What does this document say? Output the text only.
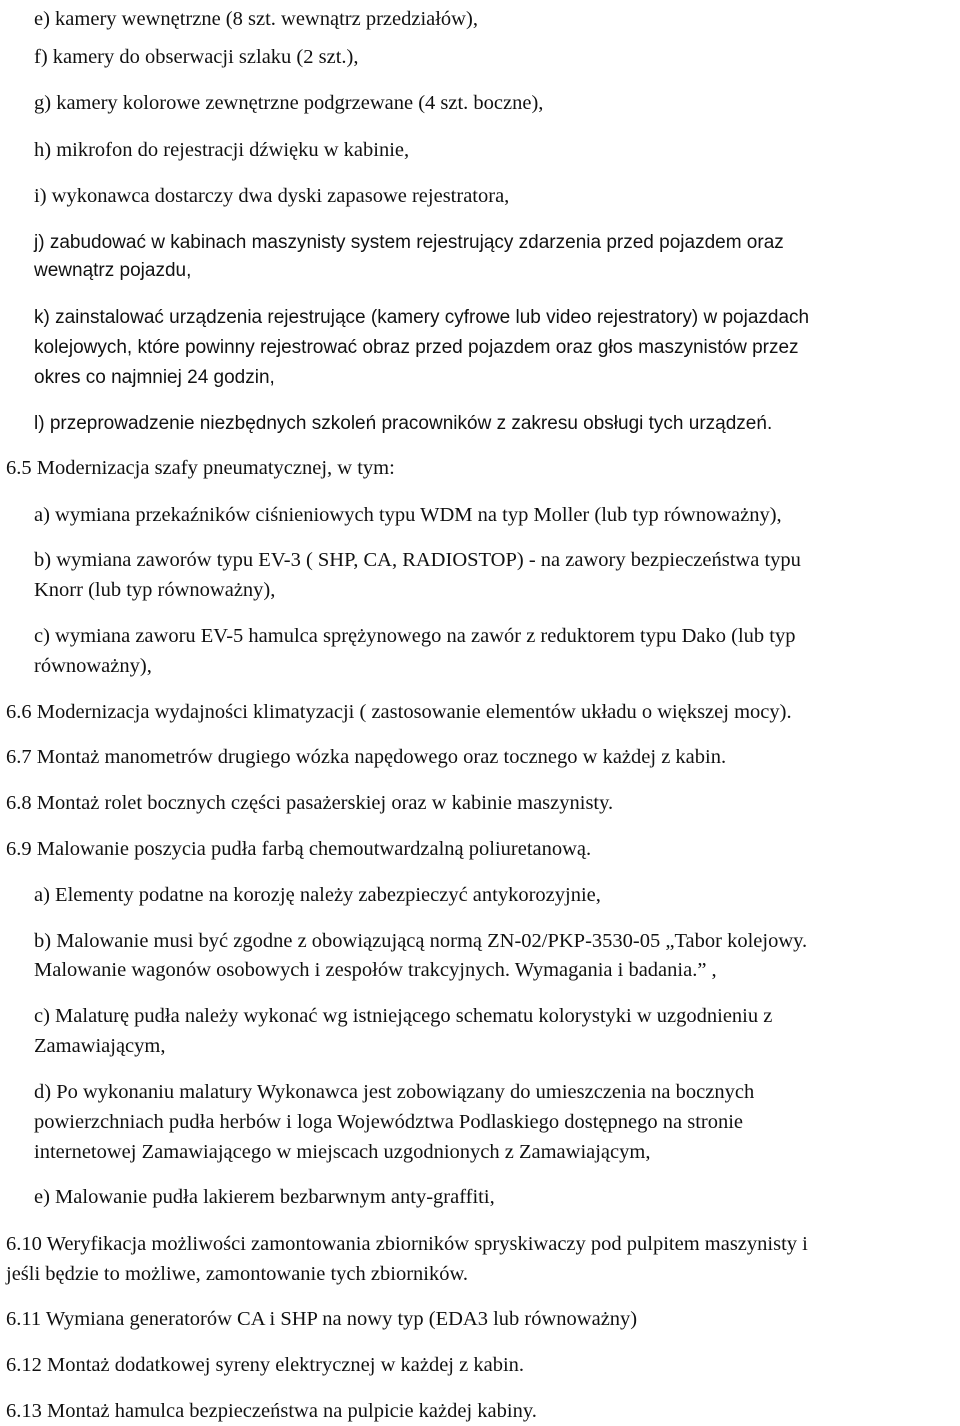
e) kamery wewnętrzne (8 szt. wewnątrz przedziałów),
f) kamery do obserwacji szlaku (2 szt.),
g) kamery kolorowe zewnętrzne podgrzewane (4 szt. boczne),
h) mikrofon do rejestracji dźwięku w kabinie,
i) wykonawca dostarczy dwa dyski zapasowe rejestratora,
j) zabudować w kabinach maszynisty system rejestrujący zdarzenia przed pojazdem oraz
wewnątrz pojazdu,
k) zainstalować urządzenia rejestrujące (kamery cyfrowe lub video rejestratory) w pojazdach
kolejowych, które powinny rejestrować obraz przed pojazdem oraz głos maszynistów przez
okres co najmniej 24 godzin,
l) przeprowadzenie niezbędnych szkoleń pracowników z zakresu obsługi tych urządzeń.
6.5 Modernizacja szafy pneumatycznej, w tym:
a) wymiana przekaźników ciśnieniowych typu WDM na typ Moller (lub typ równoważny),
b) wymiana zaworów typu EV-3 ( SHP, CA, RADIOSTOP) - na zawory bezpieczeństwa typu
Knorr (lub typ równoważny),
c) wymiana zaworu EV-5 hamulca sprężynowego na zawór z reduktorem typu Dako (lub typ
równoważny),
6.6 Modernizacja wydajności klimatyzacji ( zastosowanie elementów układu o większej mocy).
6.7 Montaż manometrów drugiego wózka napędowego oraz tocznego w każdej z kabin.
6.8 Montaż rolet bocznych części pasażerskiej oraz w kabinie maszynisty.
6.9 Malowanie poszycia pudła farbą chemoutwardzalną poliuretanową.
a) Elementy podatne na korozję należy zabezpieczyć antykorozyjnie,
b) Malowanie musi być zgodne z obowiązującą normą ZN-02/PKP-3530-05 „Tabor kolejowy.
Malowanie wagonów osobowych i zespołów trakcyjnych. Wymagania i badania.” ,
c) Malaturę pudła należy wykonać wg istniejącego schematu kolorystyki w uzgodnieniu z
Zamawiającym,
d) Po wykonaniu malatury Wykonawca jest zobowiązany do umieszczenia na bocznych
powierzchniach pudła herbów i loga Województwa Podlaskiego dostępnego na stronie
internetowej Zamawiającego w miejscach uzgodnionych z Zamawiającym,
e) Malowanie pudła lakierem bezbarwnym anty-graffiti,
6.10 Weryfikacja możliwości zamontowania zbiorników spryskiwaczy pod pulpitem maszynisty i
jeśli będzie to możliwe, zamontowanie tych zbiorników.
6.11 Wymiana generatorów CA i SHP na nowy typ (EDA3 lub równoważny)
6.12 Montaż dodatkowej syreny elektrycznej w każdej z kabin.
6.13 Montaż hamulca bezpieczeństwa na pulpicie każdej kabiny.
